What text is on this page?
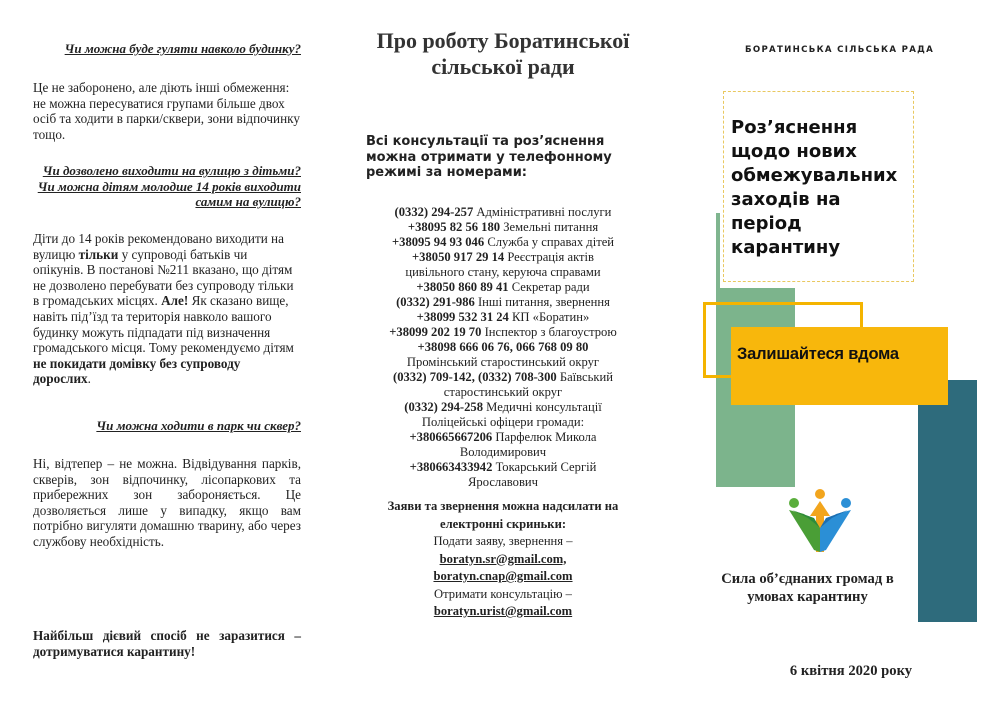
Чи можна буде гуляти навколо будинку?
Це не заборонено, але діють інші обмеження: не можна пересуватися групами більше двох осіб та ходити в парки/сквери, зони відпочинку тощо.
Чи дозволено виходити на вулицю з дітьми? Чи можна дітям молодше 14 років виходити самим на вулицю?
Діти до 14 років рекомендовано виходити на вулицю тільки у супроводі батьків чи опікунів. В постанові №211 вказано, що дітям не дозволено перебувати без супроводу тільки в громадських місцях. Але! Як сказано вище, навіть під’їзд та територія навколо вашого будинку можуть підпадати під визначення громадського місця. Тому рекомендуємо дітям не покидати домівку без супроводу дорослих.
Чи можна ходити в парк чи сквер?
Ні, відтепер – не можна. Відвідування парків, скверів, зон відпочинку, лісопаркових та прибережних зон забороняється. Це дозволяється лише у випадку, якщо вам потрібно вигуляти домашню тварину, або через службову необхідність.
Найбільш дієвий спосіб не заразитися – дотримуватися карантину!
Про роботу Боратинської сільської ради
Всі консультації та роз’яснення можна отримати у телефонному режимі за номерами:
(0332) 294-257 Адміністративні послуги
+38095 82 56 180 Земельні питання
+38095 94 93 046 Служба у справах дітей
+38050 917 29 14 Реєстрація актів цивільного стану, керуюча справами
+38050 860 89 41 Секретар ради
(0332) 291-986 Інші питання, звернення
+38099 532 31 24 КП «Боратин»
+38099 202 19 70 Інспектор з благоустрою
+38098 666 06 76, 066 768 09 80
Промінський старостинський округ
(0332) 709-142, (0332) 708-300 Баївський старостинський округ
(0332) 294-258 Медичні консультації
Поліцейські офіцери громади:
+380665667206 Парфелюк Микола Володимирович
+380663433942 Токарський Сергій Ярославович
Заяви та звернення можна надсилати на електронні скриньки:
Подати заяву, звернення –
boratyn.sr@gmail.com,
boratyn.cnap@gmail.com
Отримати консультацію –
boratyn.urist@gmail.com
БОРАТИНСЬКА СІЛЬСЬКА РАДА
Залишайтеся вдома
Роз’яснення щодо нових обмежувальних заходів на період карантину
Сила об’єднаних громад в умовах карантину
6 квітня 2020 року
